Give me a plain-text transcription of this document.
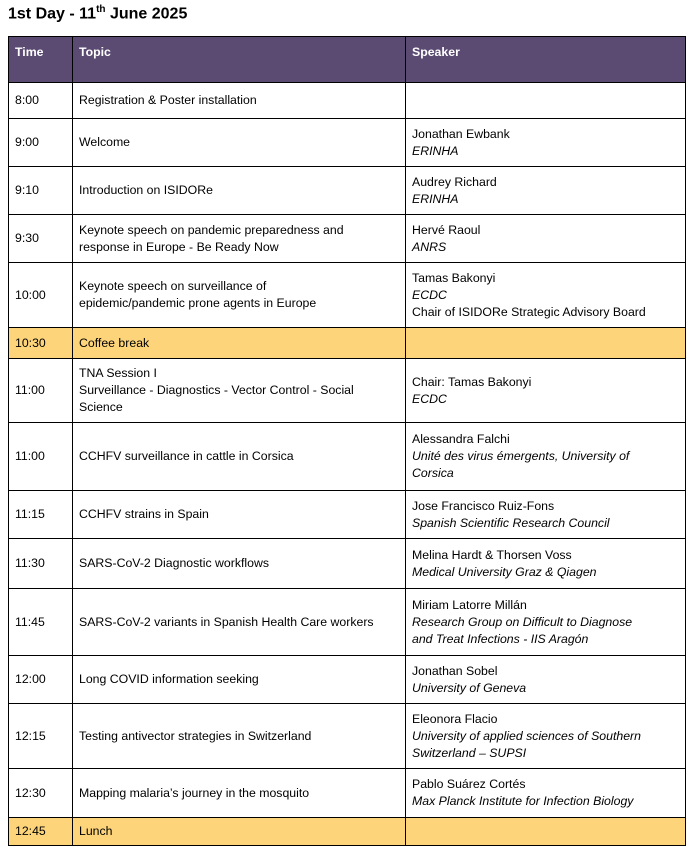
1st Day - 11th June 2025
Time	Topic	Speaker
8:00	Registration & Poster installation	

9:00	Welcome	Jonathan Ewbank
ERINHA

9:10	Introduction on ISIDORe	Audrey Richard
ERINHA

9:30	Keynote speech on pandemic preparedness and
response in Europe - Be Ready Now	Hervé Raoul
ANRS

10:00	Keynote speech on surveillance of
epidemic/pandemic prone agents in Europe	Tamas Bakonyi
ECDC
Chair of ISIDORe Strategic Advisory Board

10:30	Coffee break	

11:00	TNA Session I
Surveillance - Diagnostics - Vector Control - Social
Science	Chair: Tamas Bakonyi
ECDC

11:00	CCHFV surveillance in cattle in Corsica	Alessandra Falchi
Unité des virus émergents, University of
Corsica

11:15	CCHFV strains in Spain	Jose Francisco Ruiz-Fons
Spanish Scientific Research Council

11:30	SARS-CoV-2 Diagnostic workflows	Melina Hardt & Thorsen Voss
Medical University Graz & Qiagen

11:45	SARS-CoV-2 variants in Spanish Health Care workers	Miriam Latorre Millán
Research Group on Difficult to Diagnose
and Treat Infections - IIS Aragón

12:00	Long COVID information seeking	Jonathan Sobel
University of Geneva

12:15	Testing antivector strategies in Switzerland	Eleonora Flacio
University of applied sciences of Southern
Switzerland – SUPSI

12:30	Mapping malaria’s journey in the mosquito	Pablo Suárez Cortés
Max Planck Institute for Infection Biology

12:45	Lunch	
